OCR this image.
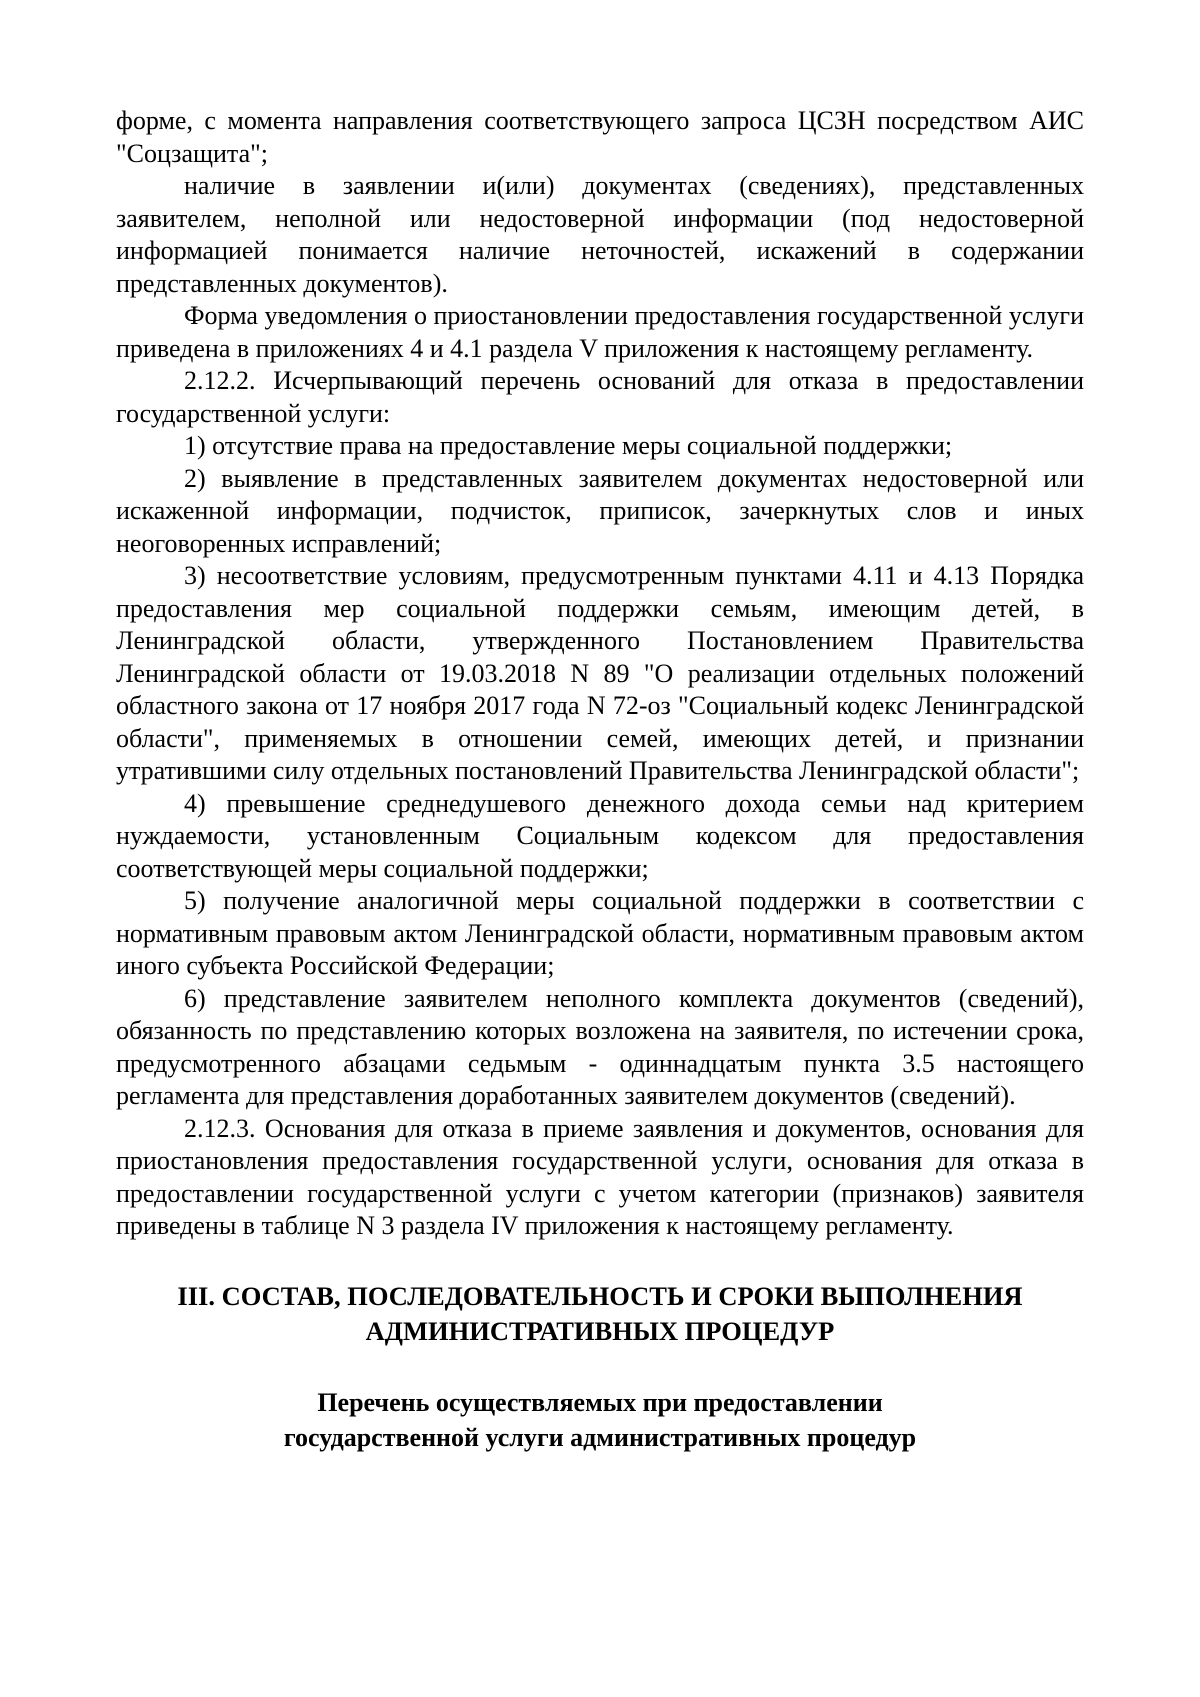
форме, с момента направления соответствующего запроса ЦСЗН посредством АИС "Соцзащита";

наличие в заявлении и(или) документах (сведениях), представленных заявителем, неполной или недостоверной информации (под недостоверной информацией понимается наличие неточностей, искажений в содержании представленных документов).

Форма уведомления о приостановлении предоставления государственной услуги приведена в приложениях 4 и 4.1 раздела V приложения к настоящему регламенту.

2.12.2. Исчерпывающий перечень оснований для отказа в предоставлении государственной услуги:

1) отсутствие права на предоставление меры социальной поддержки;

2) выявление в представленных заявителем документах недостоверной или искаженной информации, подчисток, приписок, зачеркнутых слов и иных неоговоренных исправлений;

3) несоответствие условиям, предусмотренным пунктами 4.11 и 4.13 Порядка предоставления мер социальной поддержки семьям, имеющим детей, в Ленинградской области, утвержденного Постановлением Правительства Ленинградской области от 19.03.2018 N 89 "О реализации отдельных положений областного закона от 17 ноября 2017 года N 72-оз "Социальный кодекс Ленинградской области", применяемых в отношении семей, имеющих детей, и признании утратившими силу отдельных постановлений Правительства Ленинградской области";

4) превышение среднедушевого денежного дохода семьи над критерием нуждаемости, установленным Социальным кодексом для предоставления соответствующей меры социальной поддержки;

5) получение аналогичной меры социальной поддержки в соответствии с нормативным правовым актом Ленинградской области, нормативным правовым актом иного субъекта Российской Федерации;

6) представление заявителем неполного комплекта документов (сведений), обязанность по представлению которых возложена на заявителя, по истечении срока, предусмотренного абзацами седьмым - одиннадцатым пункта 3.5 настоящего регламента для представления доработанных заявителем документов (сведений).

2.12.3. Основания для отказа в приеме заявления и документов, основания для приостановления предоставления государственной услуги, основания для отказа в предоставлении государственной услуги с учетом категории (признаков) заявителя приведены в таблице N 3 раздела IV приложения к настоящему регламенту.

III. СОСТАВ, ПОСЛЕДОВАТЕЛЬНОСТЬ И СРОКИ ВЫПОЛНЕНИЯ
АДМИНИСТРАТИВНЫХ ПРОЦЕДУР
Перечень осуществляемых при предоставлении
государственной услуги административных процедур
